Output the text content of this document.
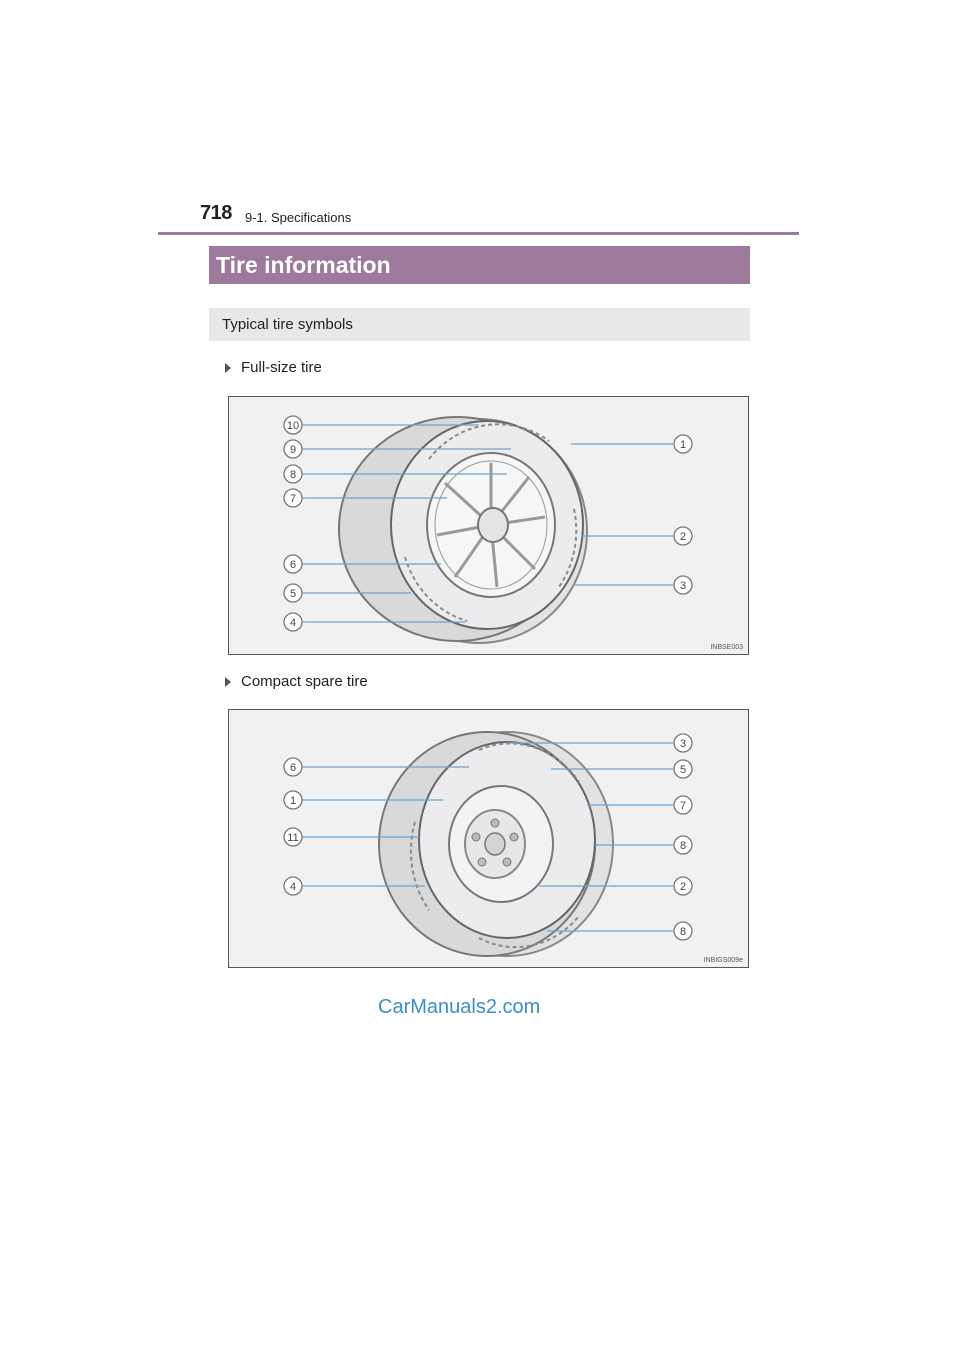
718 9-1. Specifications
Tire information
Typical tire symbols
Full-size tire
10
9
8
7
6
5
4
1
2
3
INBSE003
Compact spare tire
6
1
11
4
3
5
7
8
2
8
INBIGS009e
CarManuals2.com
